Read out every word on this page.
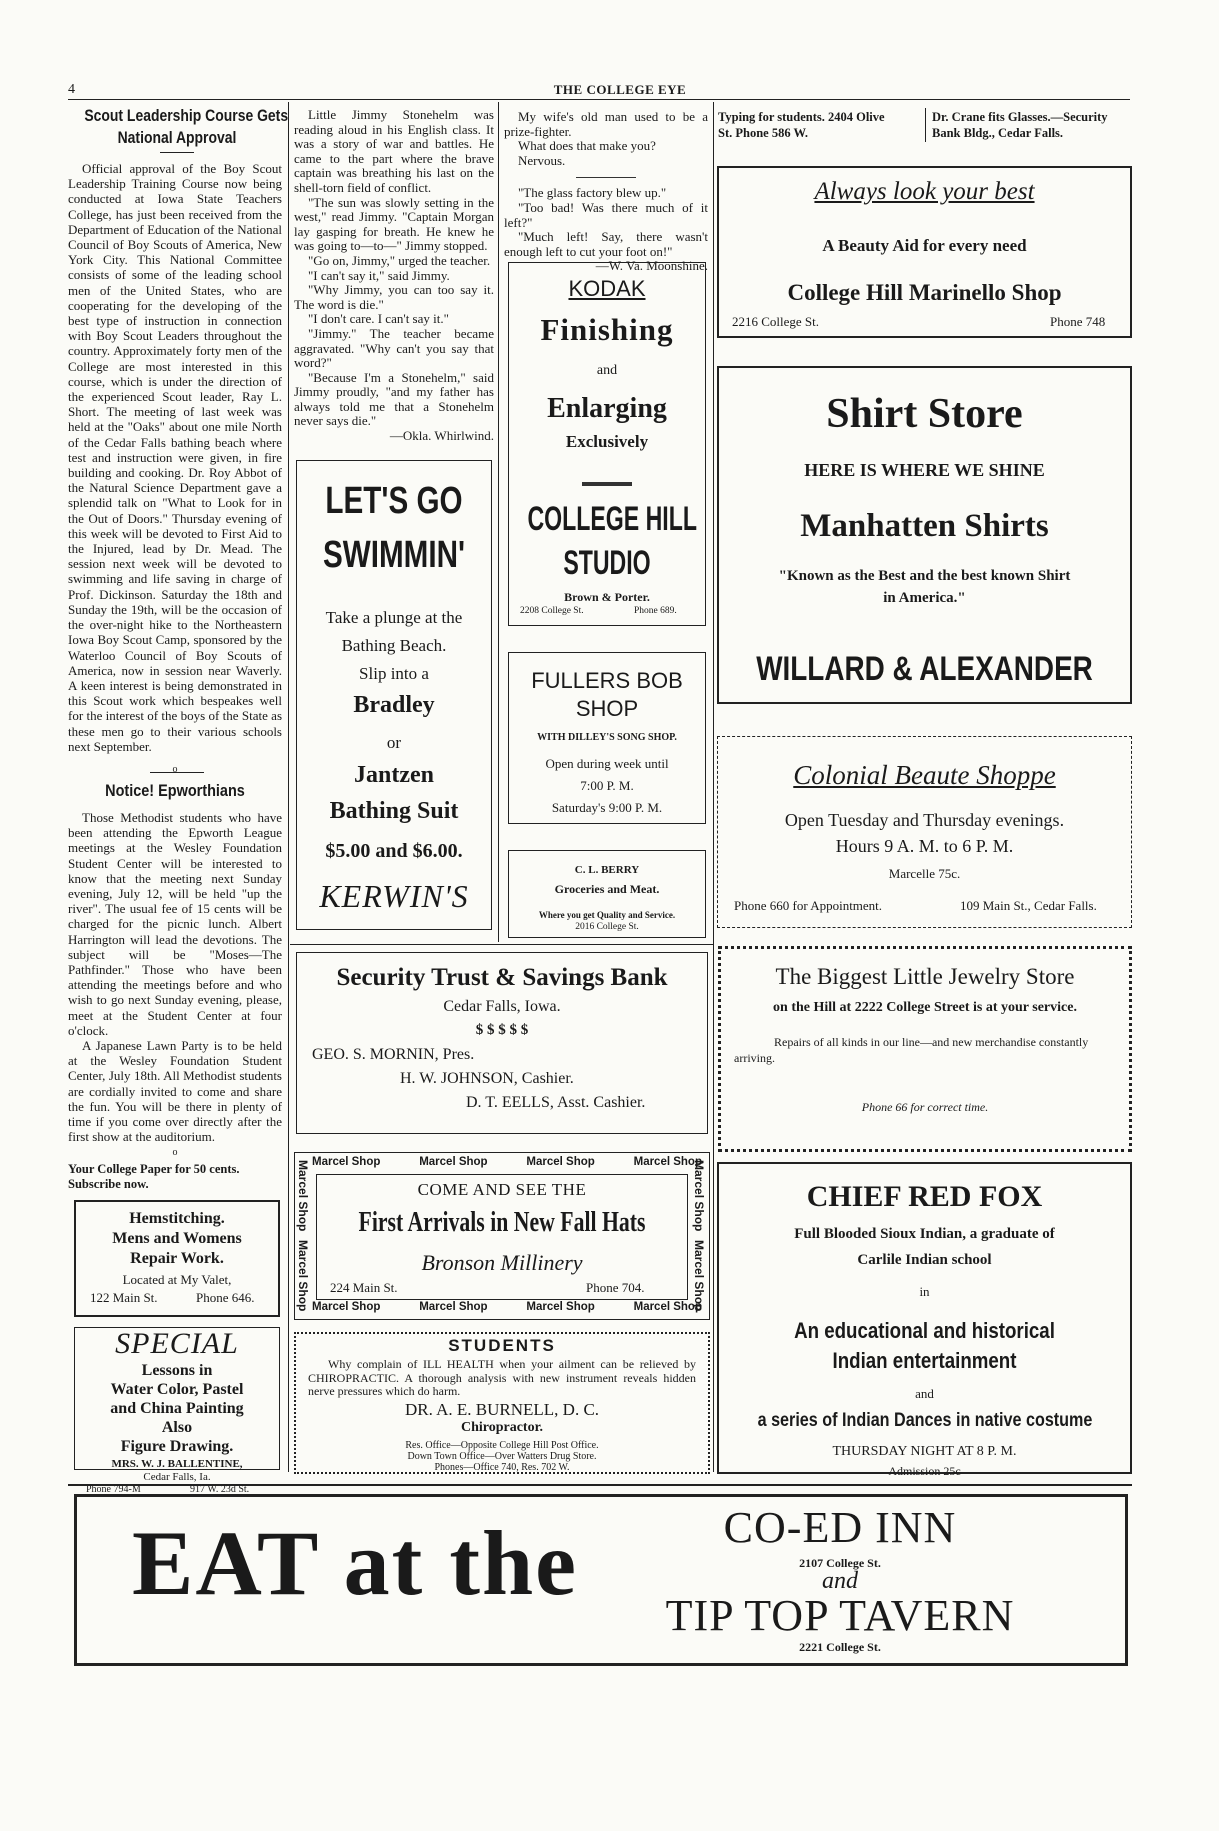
4	THE COLLEGE EYE
Scout Leadership Course Gets
National Approval

Official approval of the Boy Scout Leadership Training Course now being conducted at Iowa State Teachers College, has just been received from the Department of Education of the National Council of Boy Scouts of America, New York City. This National Committee consists of some of the leading school men of the United States, who are cooperating for the developing of the best type of instruction in connection with Boy Scout Leaders throughout the country. Approximately forty men of the College are most interested in this course, which is under the direction of the experienced Scout leader, Ray L. Short. The meeting of last week was held at the "Oaks" about one mile North of the Cedar Falls bathing beach where test and instruction were given, in fire building and cooking. Dr. Roy Abbot of the Natural Science Department gave a splendid talk on "What to Look for in the Out of Doors." Thursday evening of this week will be devoted to First Aid to the Injured, lead by Dr. Mead. The session next week will be devoted to swimming and life saving in charge of Prof. Dickinson. Saturday the 18th and Sunday the 19th, will be the occasion of the over-night hike to the Northeastern Iowa Boy Scout Camp, sponsored by the Waterloo Council of Boy Scouts of America, now in session near Waverly. A keen interest is being demonstrated in this Scout work which bespeakes well for the interest of the boys of the State as these men go to their various schools next September.

o
Notice! Epworthians

Those Methodist students who have been attending the Epworth League meetings at the Wesley Foundation Student Center will be interested to know that the meeting next Sunday evening, July 12, will be held "up the river". The usual fee of 15 cents will be charged for the picnic lunch. Albert Harrington will lead the devotions. The subject will be "Moses—The Pathfinder." Those who have been attending the meetings before and who wish to go next Sunday evening, please, meet at the Student Center at four o'clock.

A Japanese Lawn Party is to be held at the Wesley Foundation Student Center, July 18th. All Methodist students are cordially invited to come and share the fun. You will be there in plenty of time if you come over directly after the first show at the auditorium.

o
Your College Paper for 50 cents.
Subscribe now.
Hemstitching.
Mens and Womens
Repair Work.
Located at My Valet,
122 Main St.	Phone 646.
SPECIAL
Lessons in
Water Color, Pastel
and China Painting
Also
Figure Drawing.
MRS. W. J. BALLENTINE,
Cedar Falls, Ia.
Phone 794-M	917 W. 23d St.

Little Jimmy Stonehelm was reading aloud in his English class. It was a story of war and battles. He came to the part where the brave captain was breathing his last on the shell-torn field of conflict.

"The sun was slowly setting in the west," read Jimmy. "Captain Morgan lay gasping for breath. He knew he was going to—to—" Jimmy stopped.

"Go on, Jimmy," urged the teacher.

"I can't say it," said Jimmy.

"Why Jimmy, you can too say it. The word is die."

"I don't care. I can't say it."

"Jimmy." The teacher became aggravated. "Why can't you say that word?"

"Because I'm a Stonehelm," said Jimmy proudly, "and my father has always told me that a Stonehelm never says die."

—Okla. Whirlwind.

LET'S GO
SWIMMIN'
Take a plunge at the
Bathing Beach.
Slip into a
Bradley
or
Jantzen
Bathing Suit
$5.00 and $6.00.
KERWIN'S

My wife's old man used to be a prize-fighter.

What does that make you?

Nervous.

"The glass factory blew up."

"Too bad! Was there much of it left?"

"Much left! Say, there wasn't enough left to cut your foot on!"

—W. Va. Moonshine.

KODAK
Finishing
and
Enlarging
Exclusively
COLLEGE HILL
STUDIO
Brown & Porter.
2208 College St.	Phone 689.
FULLERS BOB
SHOP
WITH DILLEY'S SONG SHOP.
Open during week until
7:00 P. M.
Saturday's 9:00 P. M.
C. L. BERRY
Groceries and Meat.
Where you get Quality and Service.
2016 College St.
Typing for students. 2404 Olive
St. Phone 586 W.
Dr. Crane fits Glasses.—Security
Bank Bldg., Cedar Falls.
Always look your best
A Beauty Aid for every need
College Hill Marinello Shop
2216 College St.	Phone 748
Shirt Store
HERE IS WHERE WE SHINE
Manhatten Shirts
"Known as the Best and the best known Shirt
in America."
WILLARD & ALEXANDER
Colonial Beaute Shoppe
Open Tuesday and Thursday evenings.
Hours 9 A. M. to 6 P. M.
Marcelle 75c.
Phone 660 for Appointment.	109 Main St., Cedar Falls.
The Biggest Little Jewelry Store
on the Hill at 2222 College Street is at your service.
Repairs of all kinds in our line—and new merchandise constantly arriving.
Phone 66 for correct time.
CHIEF RED FOX
Full Blooded Sioux Indian, a graduate of
Carlile Indian school
in
An educational and historical
Indian entertainment
and
a series of Indian Dances in native costume
THURSDAY NIGHT AT 8 P. M.
Admission 25c
Security Trust & Savings Bank
Cedar Falls, Iowa.
$ $ $ $ $
GEO. S. MORNIN, Pres.
H. W. JOHNSON, Cashier.
D. T. EELLS, Asst. Cashier.
Marcel Shop	Marcel Shop	Marcel Shop	Marcel Shop
Marcel Shop	Marcel Shop	Marcel Shop	Marcel Shop
Marcel Shop
Marcel Shop
Marcel Shop
Marcel Shop
COME AND SEE THE
First Arrivals in New Fall Hats
Bronson Millinery
224 Main St.	Phone 704.
STUDENTS
Why complain of ILL HEALTH when your ailment can be relieved by CHIROPRACTIC. A thorough analysis with new instrument reveals hidden nerve pressures which do harm.
DR. A. E. BURNELL, D. C.
Chiropractor.
Res. Office—Opposite College Hill Post Office.
Down Town Office—Over Watters Drug Store.
Phones—Office 740, Res. 702 W.
EAT at the	CO-ED INN
2107 College St.
and
TIP TOP TAVERN
2221 College St.
